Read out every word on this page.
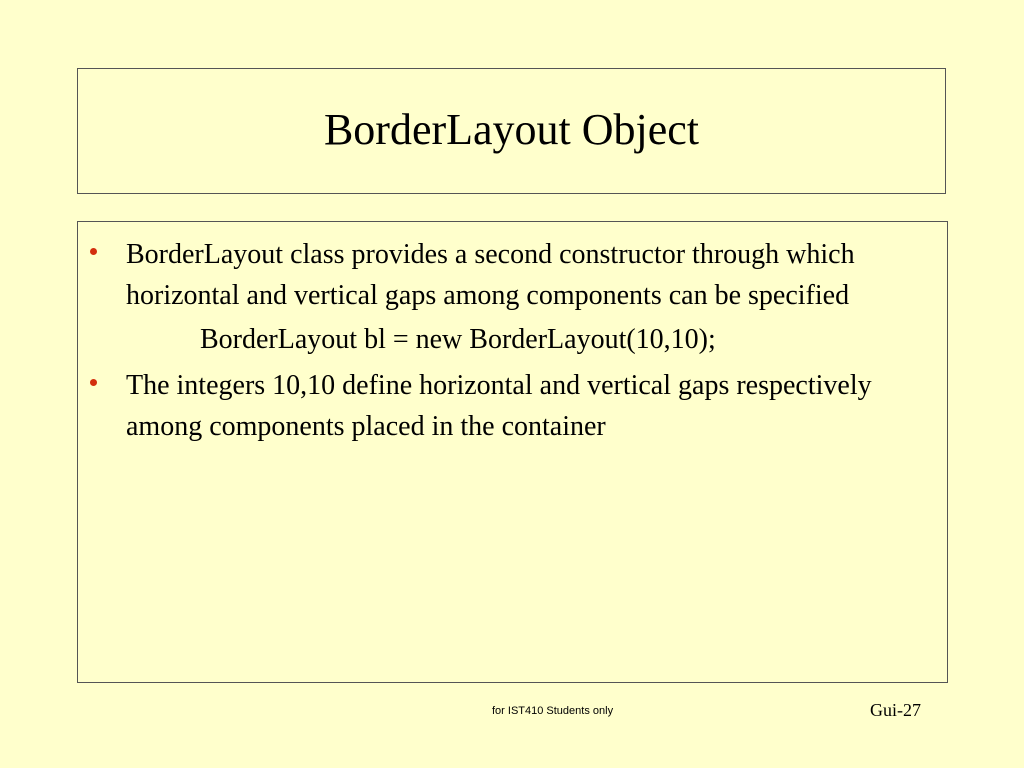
BorderLayout Object
BorderLayout class provides a second constructor through which horizontal and vertical gaps among components can be specified
BorderLayout bl = new BorderLayout(10,10);
The integers 10,10 define horizontal and vertical gaps respectively among components placed in the container
for IST410 Students only	Gui-27
